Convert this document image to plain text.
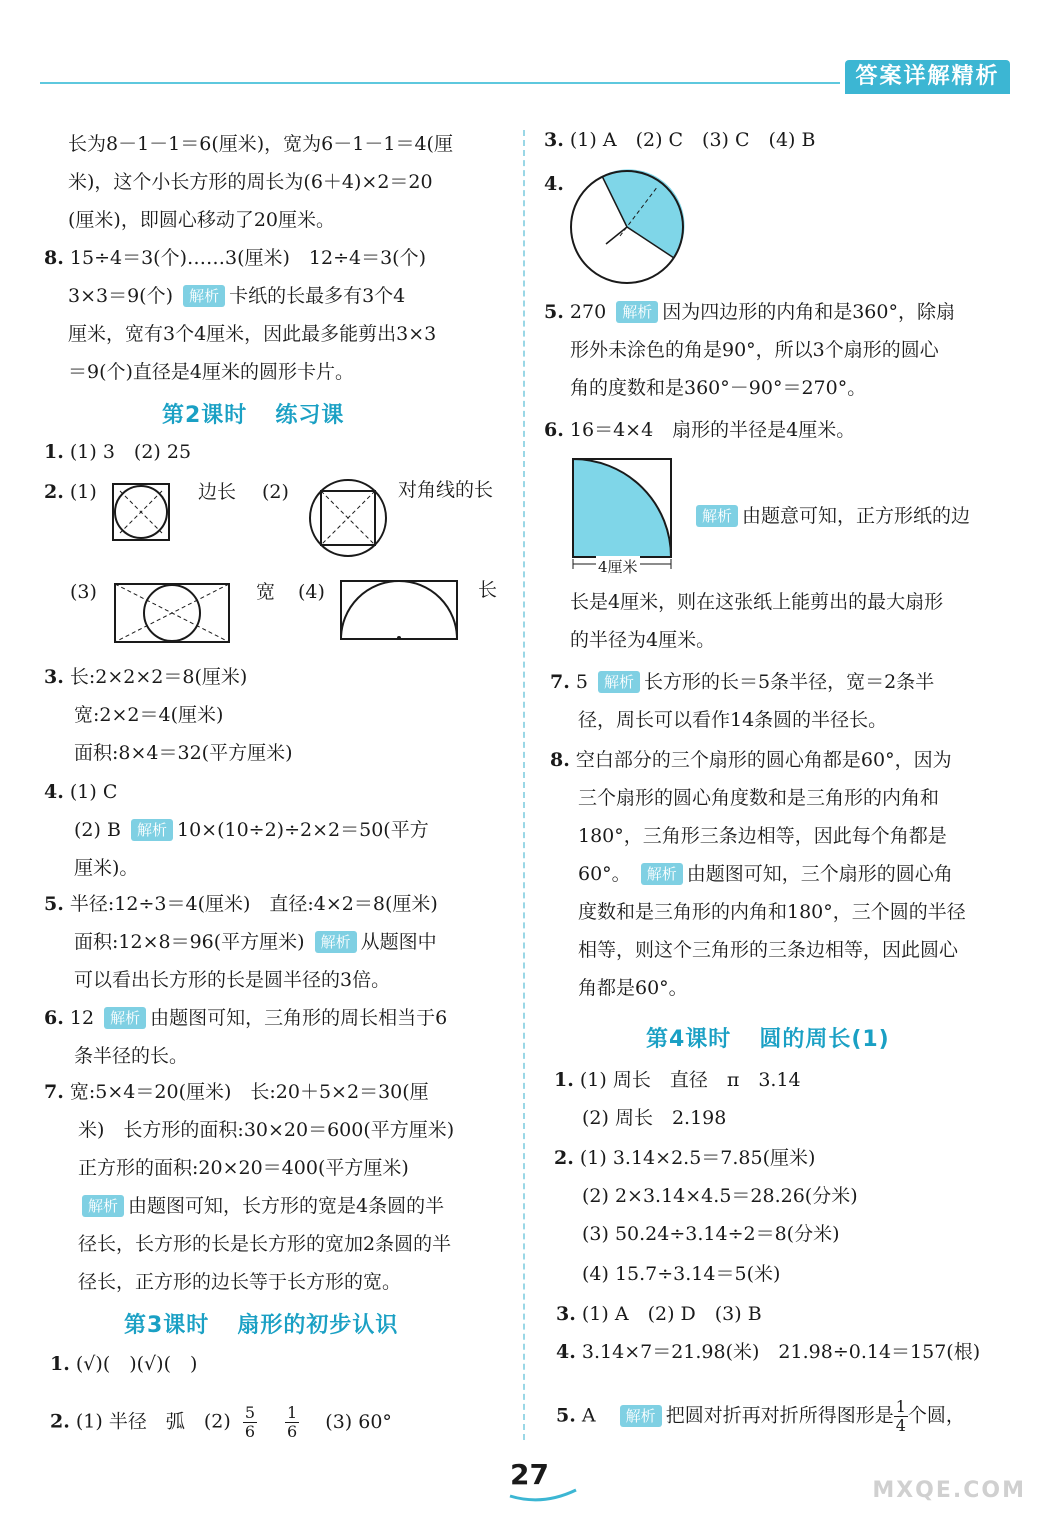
答案详解精析
长为8－1－1＝6(厘米)，宽为6－1－1＝4(厘
米)，这个小长方形的周长为(6＋4)×2＝20
(厘米)，即圆心移动了20厘米。
8. 15÷4＝3(个)……3(厘米)　12÷4＝3(个)
3×3＝9(个) 解析 卡纸的长最多有3个4
厘米，宽有3个4厘米，因此最多能剪出3×3
＝9(个)直径是4厘米的圆形卡片。
第2课时 练习课
1. (1) 3　(2) 25
2. (1)	边长 (2)	对角线的长
(3)	宽 (4)	长
3. 长:2×2×2＝8(厘米)
宽:2×2＝4(厘米)
面积:8×4＝32(平方厘米)
4. (1) C
(2) B 解析 10×(10÷2)÷2×2＝50(平方
厘米)。
5. 半径:12÷3＝4(厘米)　直径:4×2＝8(厘米)
面积:12×8＝96(平方厘米) 解析 从题图中
可以看出长方形的长是圆半径的3倍。
6. 12 解析 由题图可知，三角形的周长相当于6
条半径的长。
7. 宽:5×4＝20(厘米)　长:20＋5×2＝30(厘
米)　长方形的面积:30×20＝600(平方厘米)
正方形的面积:20×20＝400(平方厘米)
解析 由题图可知，长方形的宽是4条圆的半
径长，长方形的长是长方形的宽加2条圆的半
径长，正方形的边长等于长方形的宽。
第3课时 扇形的初步认识
1. (√)(　)(√)(　)
2. (1) 半径　弧　$(2) \frac{5}{6}$
$\frac{1}{6} (3)$ 60°
3. (1) A　(2) C　(3) C　(4) B
4.
5. 270 解析 因为四边形的内角和是360°，除扇
形外未涂色的角是90°，所以3个扇形的圆心
角的度数和是360°－90°＝270°。
6. 16＝4×4　扇形的半径是4厘米。
4厘米
解析 由题意可知，正方形纸的边
长是4厘米，则在这张纸上能剪出的最大扇形
的半径为4厘米。
7. 5 解析 长方形的长＝5条半径，宽＝2条半
径，周长可以看作14条圆的半径长。
8. 空白部分的三个扇形的圆心角都是60°，因为
三个扇形的圆心角度数和是三角形的内角和
180°，三角形三条边相等，因此每个角都是
60°。 解析 由题图可知，三个扇形的圆心角
度数和是三角形的内角和180°，三个圆的半径
相等，则这个三角形的三条边相等，因此圆心
角都是60°。
第4课时 圆的周长(1)
1. (1) 周长　直径　π　3.14
(2) 周长　2.198
2. (1) 3.14×2.5＝7.85(厘米)
(2) 2×3.14×4.5＝28.26(分米)
(3) 50.24÷3.14÷2＝8(分米)
(4) 15.7÷3.14＝5(米)
3. (1) A　(2) D　(3) B
4. 3.14×7＝21.98(米)　21.98÷0.14＝157(根)
5. A 解析 把圆对折再对折所得图形是 $\frac{1}{4}$ 个圆，
27	MXQE.COM
